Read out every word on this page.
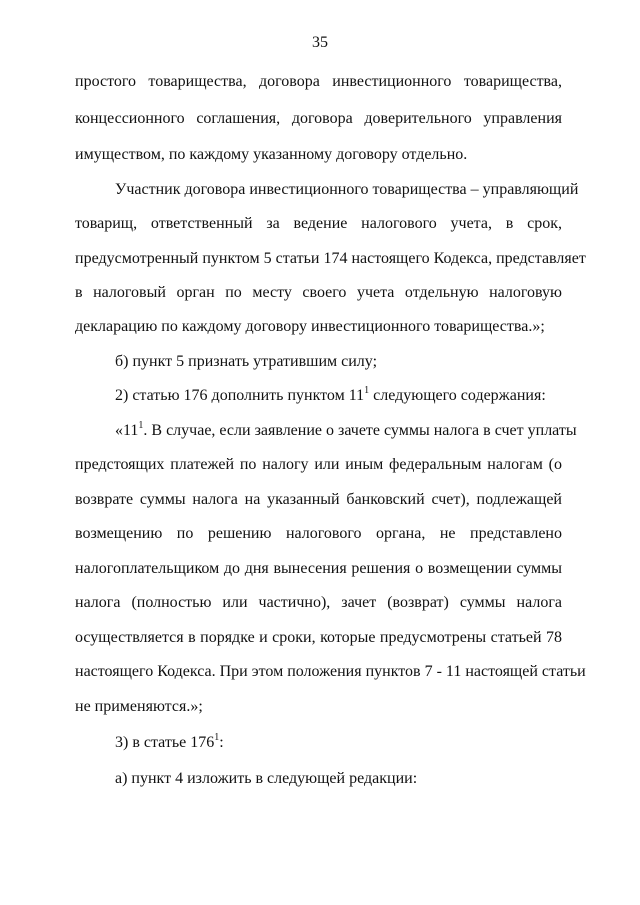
35
простого товарищества, договора инвестиционного товарищества,
концессионного соглашения, договора доверительного управления
имуществом, по каждому указанному договору отдельно.
Участник договора инвестиционного товарищества – управляющий
товарищ, ответственный за ведение налогового учета, в срок,
предусмотренный пунктом 5 статьи 174 настоящего Кодекса, представляет
в налоговый орган по месту своего учета отдельную налоговую
декларацию по каждому договору инвестиционного товарищества.»;
б) пункт 5 признать утратившим силу;
2) статью 176 дополнить пунктом $11^1$ следующего содержания:
«$11^1$. В случае, если заявление о зачете суммы налога в счет уплаты
предстоящих платежей по налогу или иным федеральным налогам (о
возврате суммы налога на указанный банковский счет), подлежащей
возмещению по решению налогового органа, не представлено
налогоплательщиком до дня вынесения решения о возмещении суммы
налога (полностью или частично), зачет (возврат) суммы налога
осуществляется в порядке и сроки, которые предусмотрены статьей 78
настоящего Кодекса. При этом положения пунктов 7 - 11 настоящей статьи
не применяются.»;
3) в статье $176^1$:
а) пункт 4 изложить в следующей редакции:
